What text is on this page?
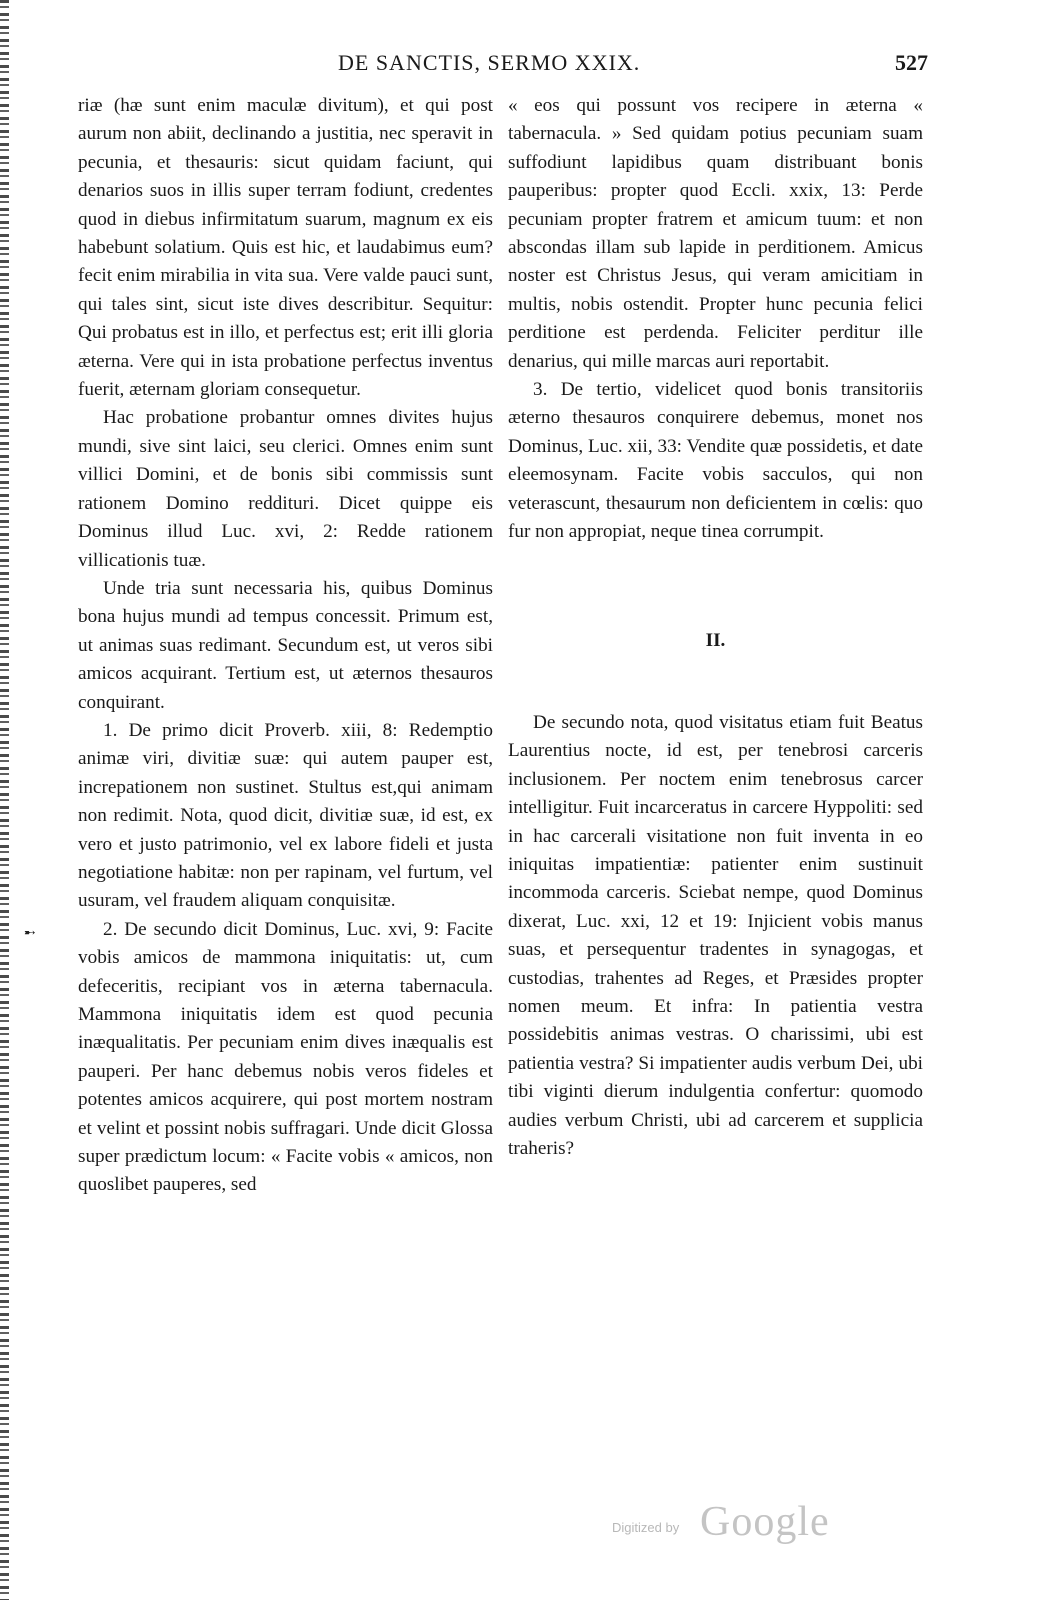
➸
DE SANCTIS, SERMO XXIX.	527

riæ (hæ sunt enim maculæ divitum), et qui post aurum non abiit, declinando a justitia, nec speravit in pecunia, et thesauris: sicut quidam faciunt, qui denarios suos in illis super terram fodiunt, credentes quod in diebus infirmitatum suarum, magnum ex eis habebunt solatium. Quis est hic, et laudabimus eum? fecit enim mirabilia in vita sua. Vere valde pauci sunt, qui tales sint, sicut iste dives describitur. Sequitur: Qui probatus est in illo, et perfectus est; erit illi gloria æterna. Vere qui in ista probatione perfectus inventus fuerit, æternam gloriam consequetur.

Hac probatione probantur omnes divites hujus mundi, sive sint laici, seu clerici. Omnes enim sunt villici Domini, et de bonis sibi commissis sunt rationem Domino reddituri. Dicet quippe eis Dominus illud Luc. xvi, 2: Redde rationem villicationis tuæ.

Unde tria sunt necessaria his, quibus Dominus bona hujus mundi ad tempus concessit. Primum est, ut animas suas redimant. Secundum est, ut veros sibi amicos acquirant. Tertium est, ut æternos thesauros conquirant.

1. De primo dicit Proverb. xiii, 8: Redemptio animæ viri, divitiæ suæ: qui autem pauper est, increpationem non sustinet. Stultus est,qui animam non redimit. Nota, quod dicit, divitiæ suæ, id est, ex vero et justo patrimonio, vel ex labore fideli et justa negotiatione habitæ: non per rapinam, vel furtum, vel usuram, vel fraudem aliquam conquisitæ.

2. De secundo dicit Dominus, Luc. xvi, 9: Facite vobis amicos de mammona iniquitatis: ut, cum defeceritis, recipiant vos in æterna tabernacula. Mammona iniquitatis idem est quod pecunia inæqualitatis. Per pecuniam enim dives inæqualis est pauperi. Per hanc debemus nobis veros fideles et potentes amicos acquirere, qui post mortem nostram et velint et possint nobis suffragari. Unde dicit Glossa super prædictum locum: « Facite vobis « amicos, non quoslibet pauperes, sed

« eos qui possunt vos recipere in æterna « tabernacula. » Sed quidam potius pecuniam suam suffodiunt lapidibus quam distribuant bonis pauperibus: propter quod Eccli. xxix, 13: Perde pecuniam propter fratrem et amicum tuum: et non abscondas illam sub lapide in perditionem. Amicus noster est Christus Jesus, qui veram amicitiam in multis, nobis ostendit. Propter hunc pecunia felici perditione est perdenda. Feliciter perditur ille denarius, qui mille marcas auri reportabit.

3. De tertio, videlicet quod bonis transitoriis æterno thesauros conquirere debemus, monet nos Dominus, Luc. xii, 33: Vendite quæ possidetis, et date eleemosynam. Facite vobis sacculos, qui non veterascunt, thesaurum non deficientem in cœlis: quo fur non appropiat, neque tinea corrumpit.

II.

De secundo nota, quod visitatus etiam fuit Beatus Laurentius nocte, id est, per tenebrosi carceris inclusionem. Per noctem enim tenebrosus carcer intelligitur. Fuit incarceratus in carcere Hyppoliti: sed in hac carcerali visitatione non fuit inventa in eo iniquitas impatientiæ: patienter enim sustinuit incommoda carceris. Sciebat nempe, quod Dominus dixerat, Luc. xxi, 12 et 19: Injicient vobis manus suas, et persequentur tradentes in synagogas, et custodias, trahentes ad Reges, et Præsides propter nomen meum. Et infra: In patientia vestra possidebitis animas vestras. O charissimi, ubi est patientia vestra? Si impatienter audis verbum Dei, ubi tibi viginti dierum indulgentia confertur: quomodo audies verbum Christi, ubi ad carcerem et supplicia traheris?

Digitized by Google
